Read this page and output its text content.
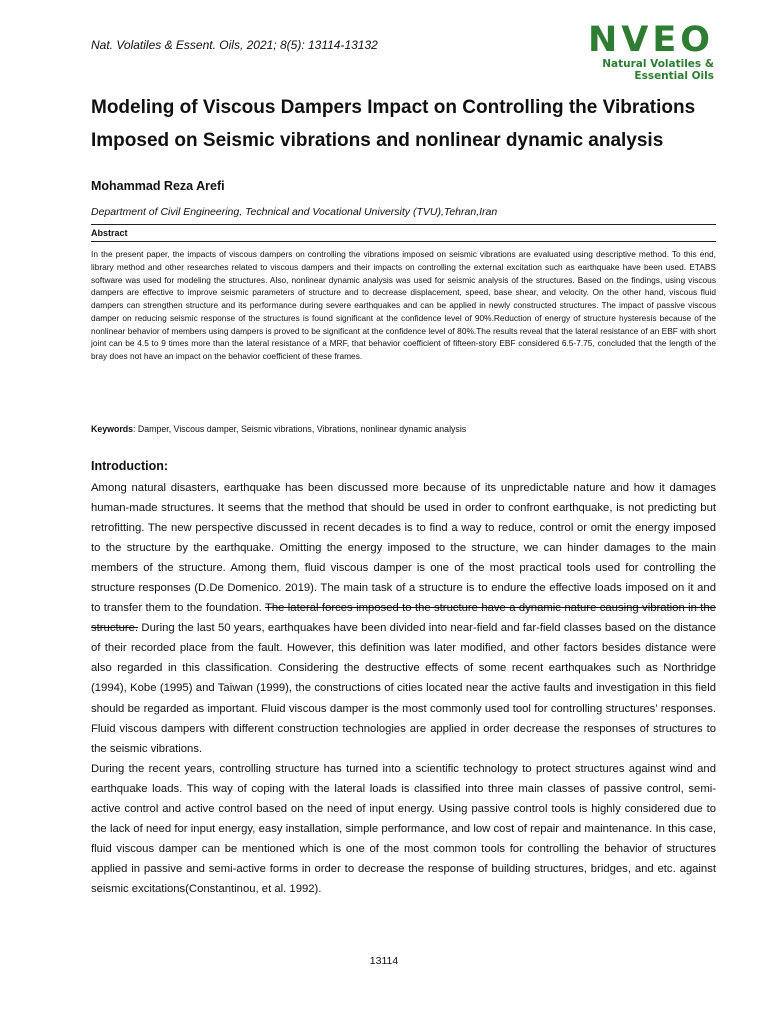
Nat. Volatiles & Essent. Oils, 2021; 8(5): 13114-13132	NVEO
Natural Volatiles &
Essential Oils
Modeling of Viscous Dampers Impact on Controlling the Vibrations Imposed on Seismic vibrations and nonlinear dynamic analysis
Mohammad Reza Arefi
Department of Civil Engineering, Technical and Vocational University (TVU),Tehran,Iran
Abstract
In the present paper, the impacts of viscous dampers on controlling the vibrations imposed on seismic vibrations are evaluated using descriptive method. To this end, library method and other researches related to viscous dampers and their impacts on controlling the external excitation such as earthquake have been used. ETABS software was used for modeling the structures. Also, nonlinear dynamic analysis was used for seismic analysis of the structures. Based on the findings, using viscous dampers are effective to improve seismic parameters of structure and to decrease displacement, speed, base shear, and velocity. On the other hand, viscous fluid dampers can strengthen structure and its performance during severe earthquakes and can be applied in newly constructed structures. The impact of passive viscous damper on reducing seismic response of the structures is found significant at the confidence level of 90%.Reduction of energy of structure hysteresis because of the nonlinear behavior of members using dampers is proved to be significant at the confidence level of 80%.The results reveal that the lateral resistance of an EBF with short joint can be 4.5 to 9 times more than the lateral resistance of a MRF, that behavior coefficient of fifteen-story EBF considered 6.5-7.75, concluded that the length of the bray does not have an impact on the behavior coefficient of these frames.
Keywords: Damper, Viscous damper, Seismic vibrations, Vibrations, nonlinear dynamic analysis
Introduction:
Among natural disasters, earthquake has been discussed more because of its unpredictable nature and how it damages human-made structures. It seems that the method that should be used in order to confront earthquake, is not predicting but retrofitting. The new perspective discussed in recent decades is to find a way to reduce, control or omit the energy imposed to the structure by the earthquake. Omitting the energy imposed to the structure, we can hinder damages to the main members of the structure. Among them, fluid viscous damper is one of the most practical tools used for controlling the structure responses (D.De Domenico. 2019). The main task of a structure is to endure the effective loads imposed on it and to transfer them to the foundation. The lateral forces imposed to the structure have a dynamic nature causing vibration in the structure. During the last 50 years, earthquakes have been divided into near-field and far-field classes based on the distance of their recorded place from the fault. However, this definition was later modified, and other factors besides distance were also regarded in this classification. Considering the destructive effects of some recent earthquakes such as Northridge (1994), Kobe (1995) and Taiwan (1999), the constructions of cities located near the active faults and investigation in this field should be regarded as important. Fluid viscous damper is the most commonly used tool for controlling structures’ responses. Fluid viscous dampers with different construction technologies are applied in order decrease the responses of structures to the seismic vibrations.
During the recent years, controlling structure has turned into a scientific technology to protect structures against wind and earthquake loads. This way of coping with the lateral loads is classified into three main classes of passive control, semi-active control and active control based on the need of input energy. Using passive control tools is highly considered due to the lack of need for input energy, easy installation, simple performance, and low cost of repair and maintenance. In this case, fluid viscous damper can be mentioned which is one of the most common tools for controlling the behavior of structures applied in passive and semi-active forms in order to decrease the response of building structures, bridges, and etc. against seismic excitations(Constantinou, et al. 1992).
13114
